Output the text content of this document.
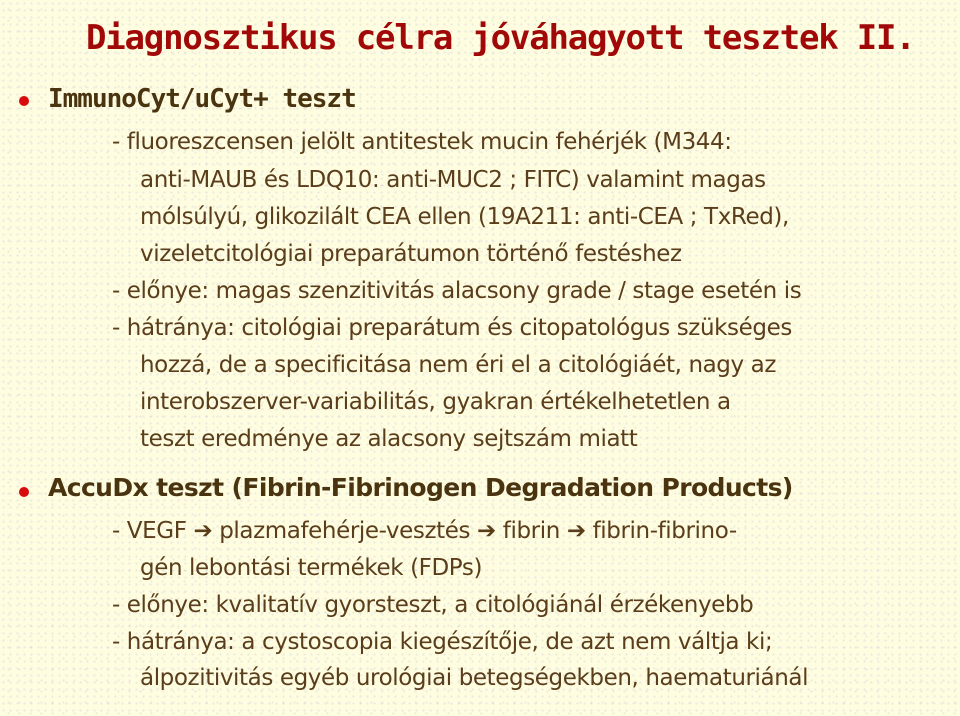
Diagnosztikus célra jóváhagyott tesztek II.

ImmunoCyt/uCyt+ teszt

- fluoreszcensen jelölt antitestek mucin fehérjék (M344:

anti-MAUB és LDQ10: anti-MUC2 ; FITC) valamint magas

mólsúlyú, glikozilált CEA ellen (19A211: anti-CEA ; TxRed),

vizeletcitológiai preparátumon történő festéshez

- előnye: magas szenzitivitás alacsony grade / stage esetén is

- hátránya: citológiai preparátum és citopatológus szükséges

hozzá, de a specificitása nem éri el a citológiáét, nagy az

interobszerver-variabilitás, gyakran értékelhetetlen a

teszt eredménye az alacsony sejtszám miatt

AccuDx teszt (Fibrin-Fibrinogen Degradation Products)

- VEGF ➔ plazmafehérje-vesztés ➔ fibrin ➔ fibrin-fibrino-

gén lebontási termékek (FDPs)

- előnye: kvalitatív gyorsteszt, a citológiánál érzékenyebb

- hátránya: a cystoscopia kiegészítője, de azt nem váltja ki;

álpozitivitás egyéb urológiai betegségekben, haematuriánál
